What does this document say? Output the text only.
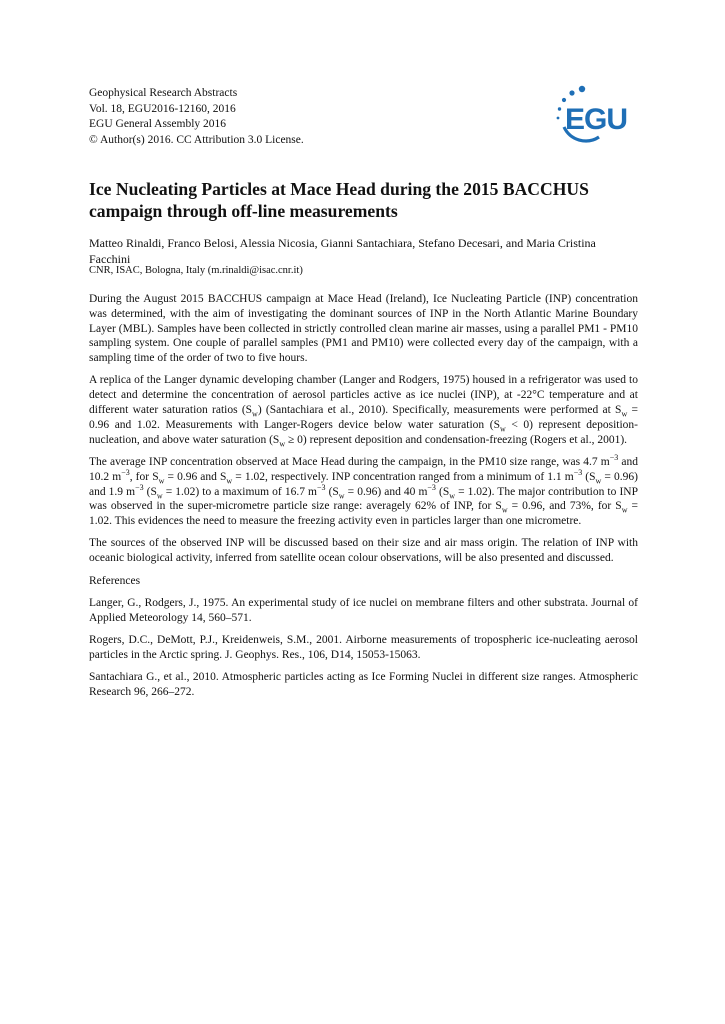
Geophysical Research Abstracts
Vol. 18, EGU2016-12160, 2016
EGU General Assembly 2016
© Author(s) 2016. CC Attribution 3.0 License.
EGU
Ice Nucleating Particles at Mace Head during the 2015 BACCHUS campaign through off-line measurements
Matteo Rinaldi, Franco Belosi, Alessia Nicosia, Gianni Santachiara, Stefano Decesari, and Maria Cristina Facchini
CNR, ISAC, Bologna, Italy (m.rinaldi@isac.cnr.it)

During the August 2015 BACCHUS campaign at Mace Head (Ireland), Ice Nucleating Particle (INP) concentration was determined, with the aim of investigating the dominant sources of INP in the North Atlantic Marine Boundary Layer (MBL). Samples have been collected in strictly controlled clean marine air masses, using a parallel PM1 - PM10 sampling system. One couple of parallel samples (PM1 and PM10) were collected every day of the campaign, with a sampling time of the order of two to five hours.

A replica of the Langer dynamic developing chamber (Langer and Rodgers, 1975) housed in a refrigerator was used to detect and determine the concentration of aerosol particles active as ice nuclei (INP), at -22°C temperature and at different water saturation ratios $(S_w)$ (Santachiara et al., 2010). Specifically, measurements were performed at $S_w = 0.96$ and 1.02. Measurements with Langer-Rogers device below water saturation $(S_w < 0)$ represent deposition-nucleation, and above water saturation $(S_w \ge 0)$ represent deposition and condensation-freezing (Rogers et al., 2001).

The average INP concentration observed at Mace Head during the campaign, in the PM10 size range, was 4.7 $m^{-3}$ and 10.2 $m^{-3}$, for $S_w = 0.96$ and $S_w = 1.02$, respectively. INP concentration ranged from a minimum of 1.1 $m^{-3}$ $(S_w = 0.96)$ and 1.9 $m^{-3}$ $(S_w = 1.02)$ to a maximum of 16.7 $m^{-3}$ $(S_w = 0.96)$ and 40 $m^{-3}$ $(S_w = 1.02)$. The major contribution to INP was observed in the super-micrometre particle size range: averagely 62% of INP, for $S_w = 0.96$, and 73%, for $S_w = 1.02$. This evidences the need to measure the freezing activity even in particles larger than one micrometre.

The sources of the observed INP will be discussed based on their size and air mass origin. The relation of INP with oceanic biological activity, inferred from satellite ocean colour observations, will be also presented and discussed.

References

Langer, G., Rodgers, J., 1975. An experimental study of ice nuclei on membrane filters and other substrata. Journal of Applied Meteorology 14, 560–571.

Rogers, D.C., DeMott, P.J., Kreidenweis, S.M., 2001. Airborne measurements of tropospheric ice-nucleating aerosol particles in the Arctic spring. J. Geophys. Res., 106, D14, 15053-15063.

Santachiara G., et al., 2010. Atmospheric particles acting as Ice Forming Nuclei in different size ranges. Atmospheric Research 96, 266–272.
